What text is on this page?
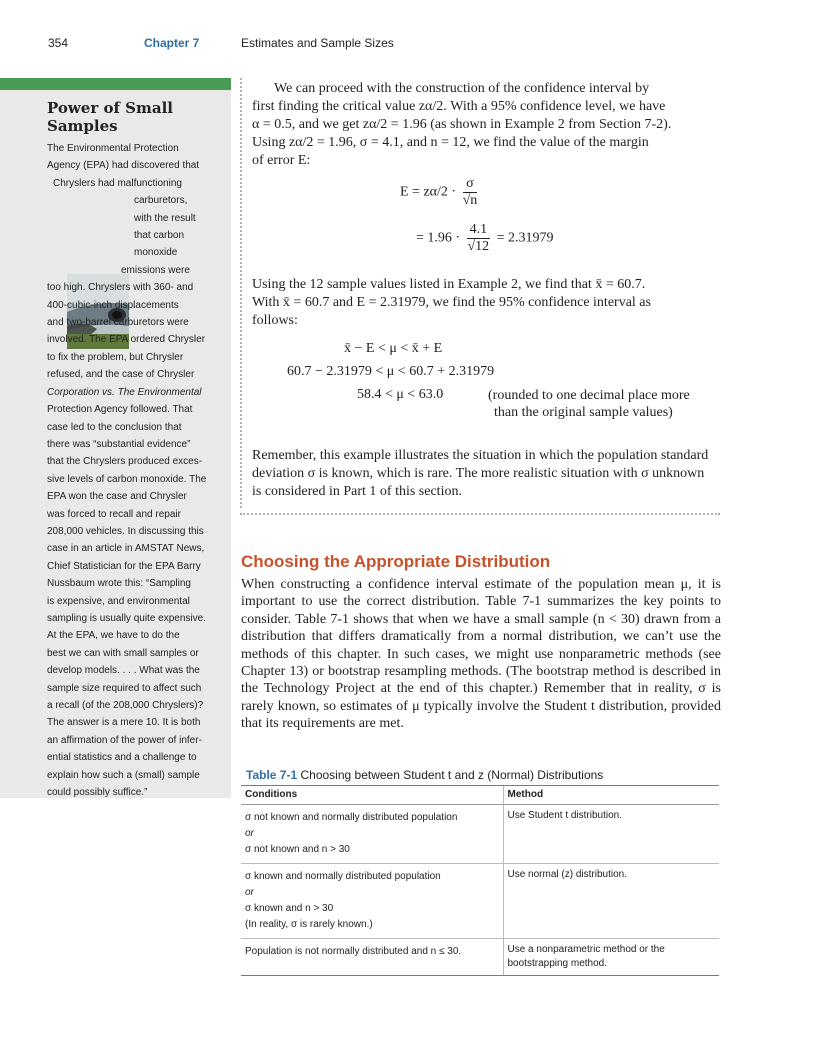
354	Chapter 7	Estimates and Sample Sizes
Power of Small
Samples
The Environmental Protection
Agency (EPA) had discovered that
Chryslers had malfunctioning
carburetors,
with the result
that carbon
monoxide
emissions were
too high. Chryslers with 360- and
400-cubic-inch displacements
and two-barrel carburetors were
involved. The EPA ordered Chrysler
to fix the problem, but Chrysler
refused, and the case of Chrysler
Corporation vs. The Environmental
Protection Agency followed. That
case led to the conclusion that
there was “substantial evidence”
that the Chryslers produced exces-
sive levels of carbon monoxide. The
EPA won the case and Chrysler
was forced to recall and repair
208,000 vehicles. In discussing this
case in an article in AMSTAT News,
Chief Statistician for the EPA Barry
Nussbaum wrote this: “Sampling
is expensive, and environmental
sampling is usually quite expensive.
At the EPA, we have to do the
best we can with small samples or
develop models. . . . What was the
sample size required to affect such
a recall (of the 208,000 Chryslers)?
The answer is a mere 10. It is both
an affirmation of the power of infer-
ential statistics and a challenge to
explain how such a (small) sample
could possibly suffice.”
We can proceed with the construction of the confidence interval by
first finding the critical value zα/2. With a 95% confidence level, we have
α = 0.5, and we get zα/2 = 1.96 (as shown in Example 2 from Section 7-2).
Using zα/2 = 1.96, σ = 4.1, and n = 12, we find the value of the margin
of error E:
$E = z\alpha/2 \cdot \frac{\sigma}{√n}$
= $1.96 \cdot \frac{4.1}{√12} = 2.31979$
Using the 12 sample values listed in Example 2, we find that x̄ = 60.7.
With x̄ = 60.7 and E = 2.31979, we find the 95% confidence interval as
follows:
x̄ − E < μ < x̄ + E
60.7 − 2.31979 < μ < 60.7 + 2.31979
58.4 < μ < 63.0	(rounded to one decimal place more
than the original sample values)
Remember, this example illustrates the situation in which the population standard
deviation σ is known, which is rare. The more realistic situation with σ unknown
is considered in Part 1 of this section.
Choosing the Appropriate Distribution
When constructing a confidence interval estimate of the population mean μ, it is important to use the correct distribution. Table 7-1 summarizes the key points to consider. Table 7-1 shows that when we have a small sample (n < 30) drawn from a distribution that differs dramatically from a normal distribution, we can’t use the methods of this chapter. In such cases, we might use nonparametric methods (see Chapter 13) or bootstrap resampling methods. (The bootstrap method is described in the Technology Project at the end of this chapter.) Remember that in reality, σ is rarely known, so estimates of μ typically involve the Student t distribution, provided that its requirements are met.
Table 7-1 Choosing between Student t and z (Normal) Distributions
Conditions	Method

σ not known and normally distributed population
or
σ not known and n > 30	Use Student t distribution.

σ known and normally distributed population
or
σ known and n > 30
(In reality, σ is rarely known.)	Use normal (z) distribution.

Population is not normally distributed and n ≤ 30.	Use a nonparametric method or the bootstrapping method.
